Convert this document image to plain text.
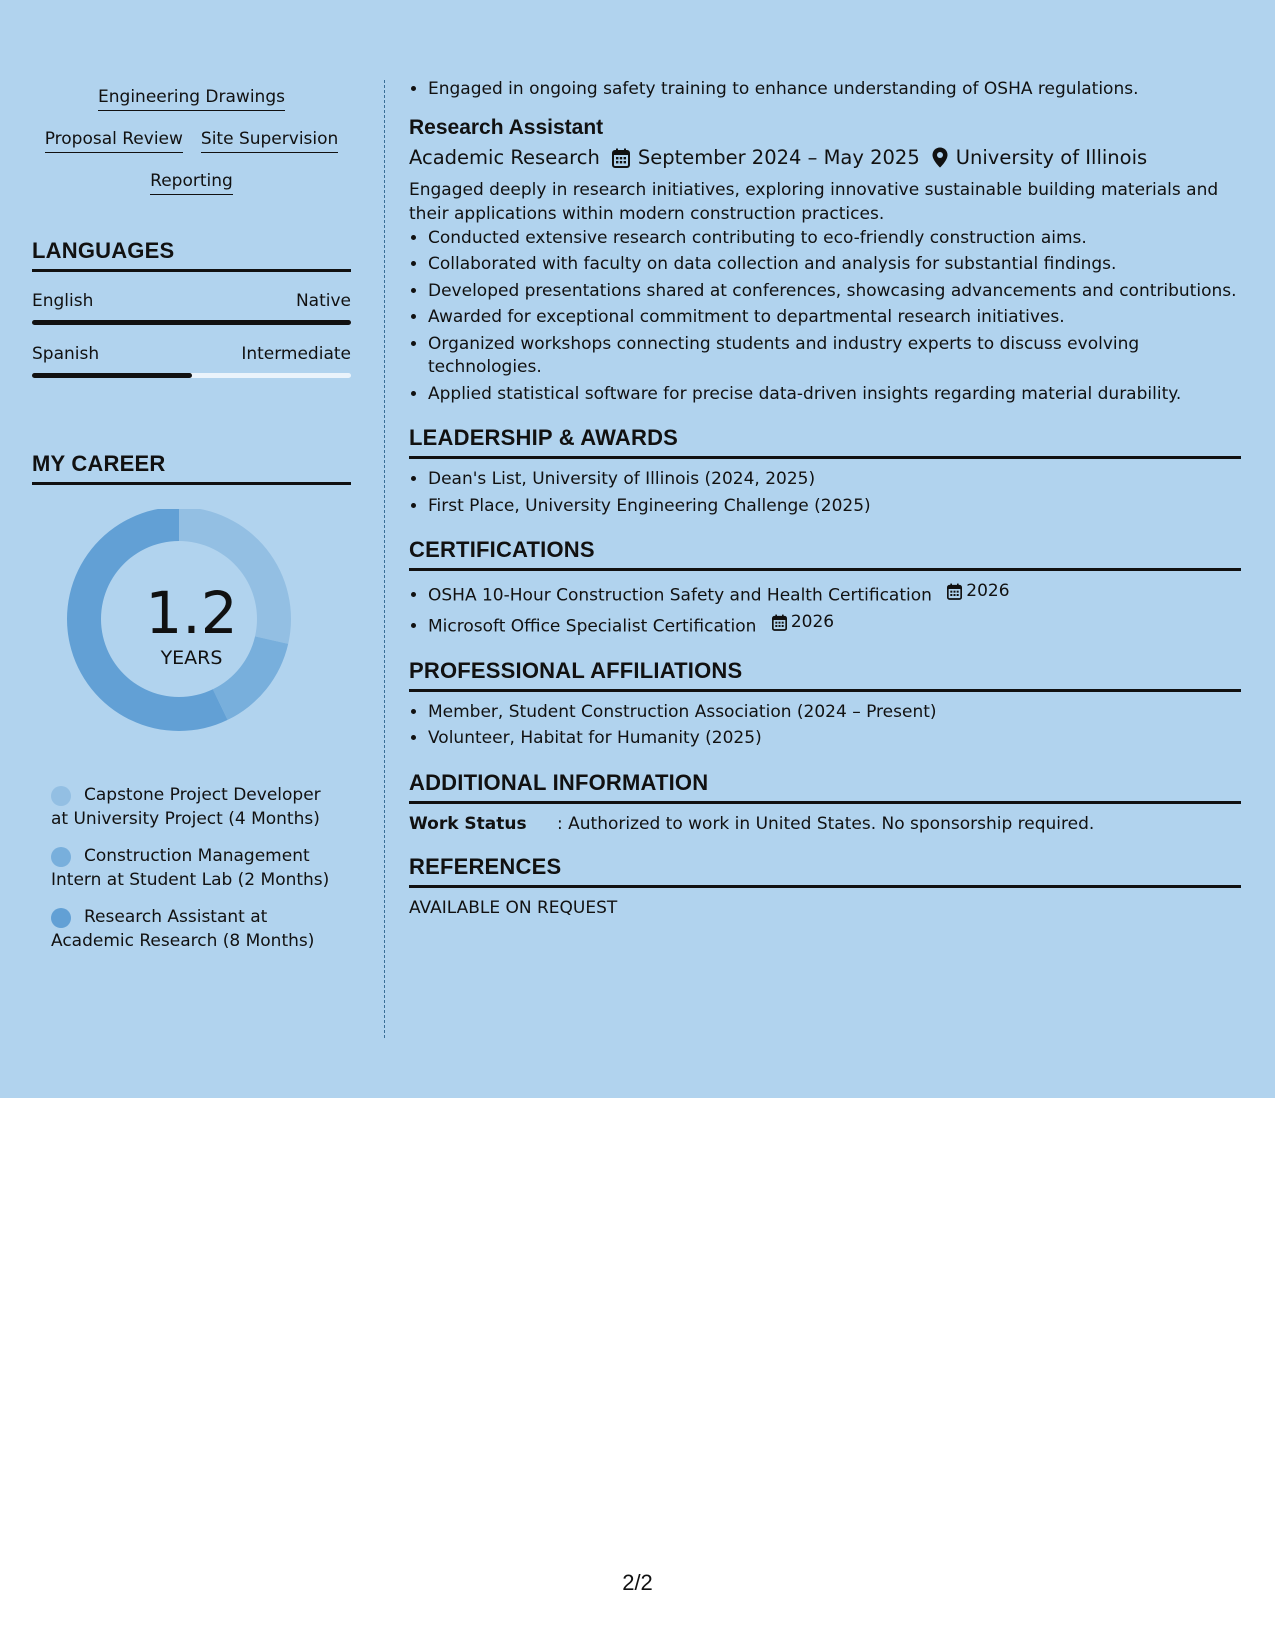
Engineering Drawings
Proposal Review Site Supervision
Reporting
LANGUAGES
English	Native
Spanish	Intermediate
MY CAREER
1.2
YEARS
Capstone Project Developer at University Project (4 Months)
Construction Management Intern at Student Lab (2 Months)
Research Assistant at Academic Research (8 Months)
• Engaged in ongoing safety training to enhance understanding of OSHA regulations.
Research Assistant
Academic Research September 2024 – May 2025 University of Illinois
Engaged deeply in research initiatives, exploring innovative sustainable building materials and their applications within modern construction practices.
• Conducted extensive research contributing to eco-friendly construction aims.
• Collaborated with faculty on data collection and analysis for substantial findings.
• Developed presentations shared at conferences, showcasing advancements and contributions.
• Awarded for exceptional commitment to departmental research initiatives.
• Organized workshops connecting students and industry experts to discuss evolving technologies.
• Applied statistical software for precise data-driven insights regarding material durability.
LEADERSHIP & AWARDS
• Dean's List, University of Illinois (2024, 2025)
• First Place, University Engineering Challenge (2025)
CERTIFICATIONS
• OSHA 10-Hour Construction Safety and Health Certification 2026
• Microsoft Office Specialist Certification 2026
PROFESSIONAL AFFILIATIONS
• Member, Student Construction Association (2024 – Present)
• Volunteer, Habitat for Humanity (2025)
ADDITIONAL INFORMATION
Work Status	: Authorized to work in United States. No sponsorship required.
REFERENCES
AVAILABLE ON REQUEST
2/2
